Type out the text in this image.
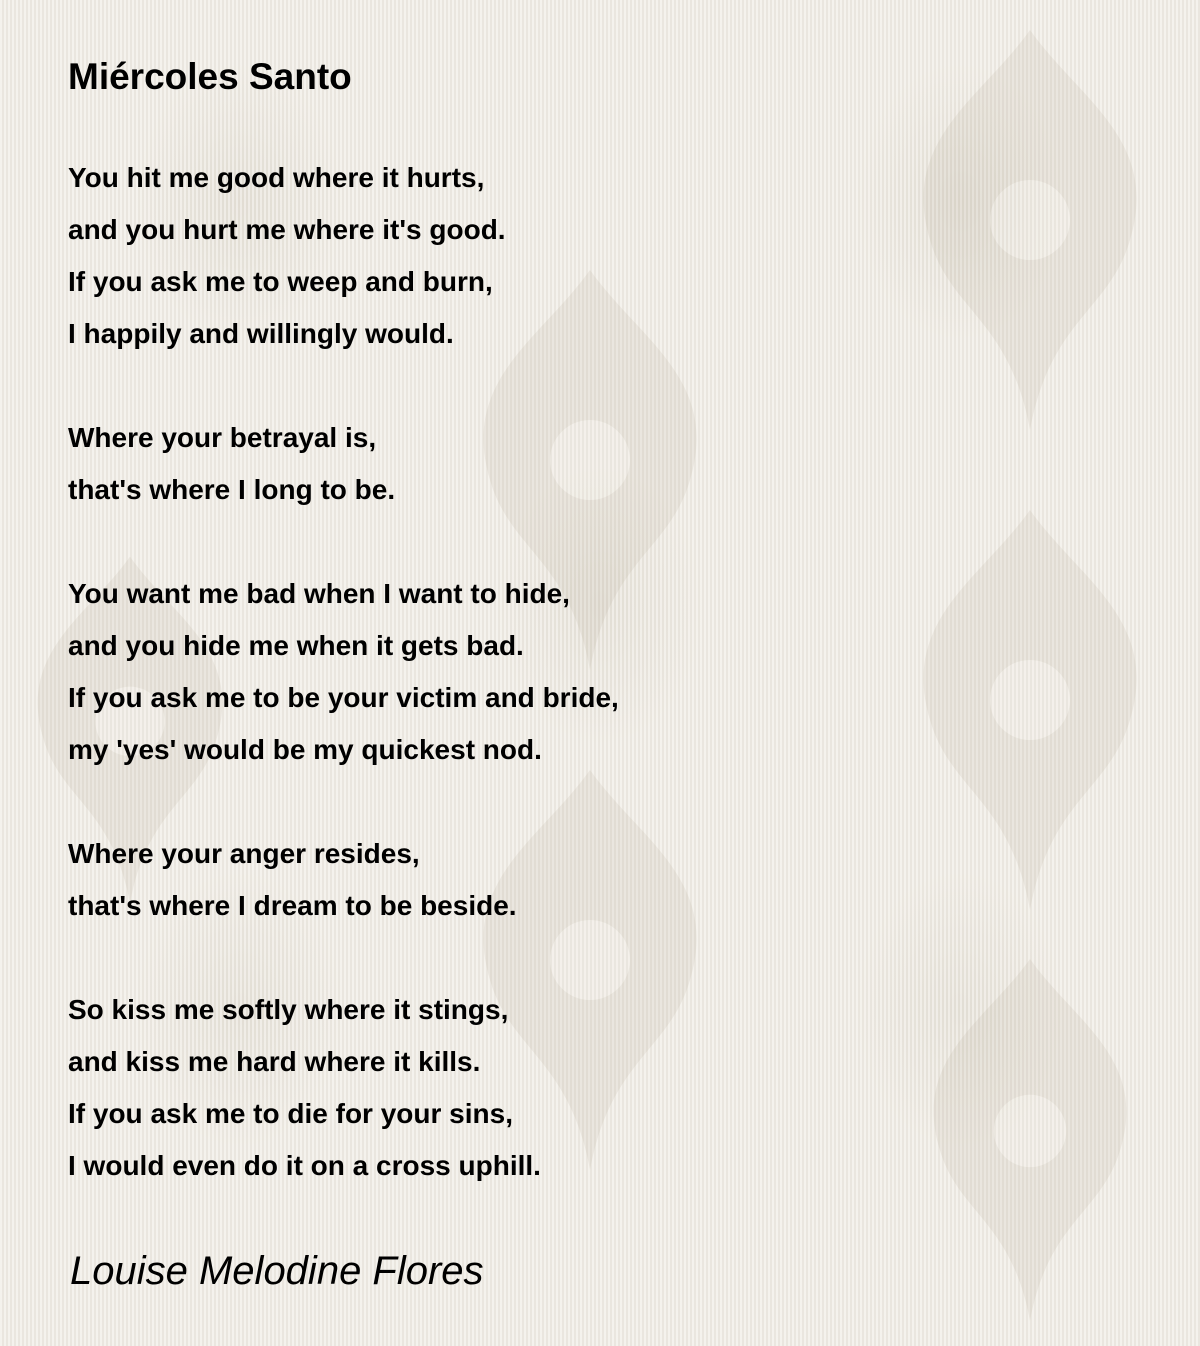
Miércoles Santo
You hit me good where it hurts,
and you hurt me where it's good.
If you ask me to weep and burn,
I happily and willingly would.
Where your betrayal is,
that's where I long to be.
You want me bad when I want to hide,
and you hide me when it gets bad.
If you ask me to be your victim and bride,
my 'yes' would be my quickest nod.
Where your anger resides,
that's where I dream to be beside.
So kiss me softly where it stings,
and kiss me hard where it kills.
If you ask me to die for your sins,
I would even do it on a cross uphill.
Louise Melodine Flores
